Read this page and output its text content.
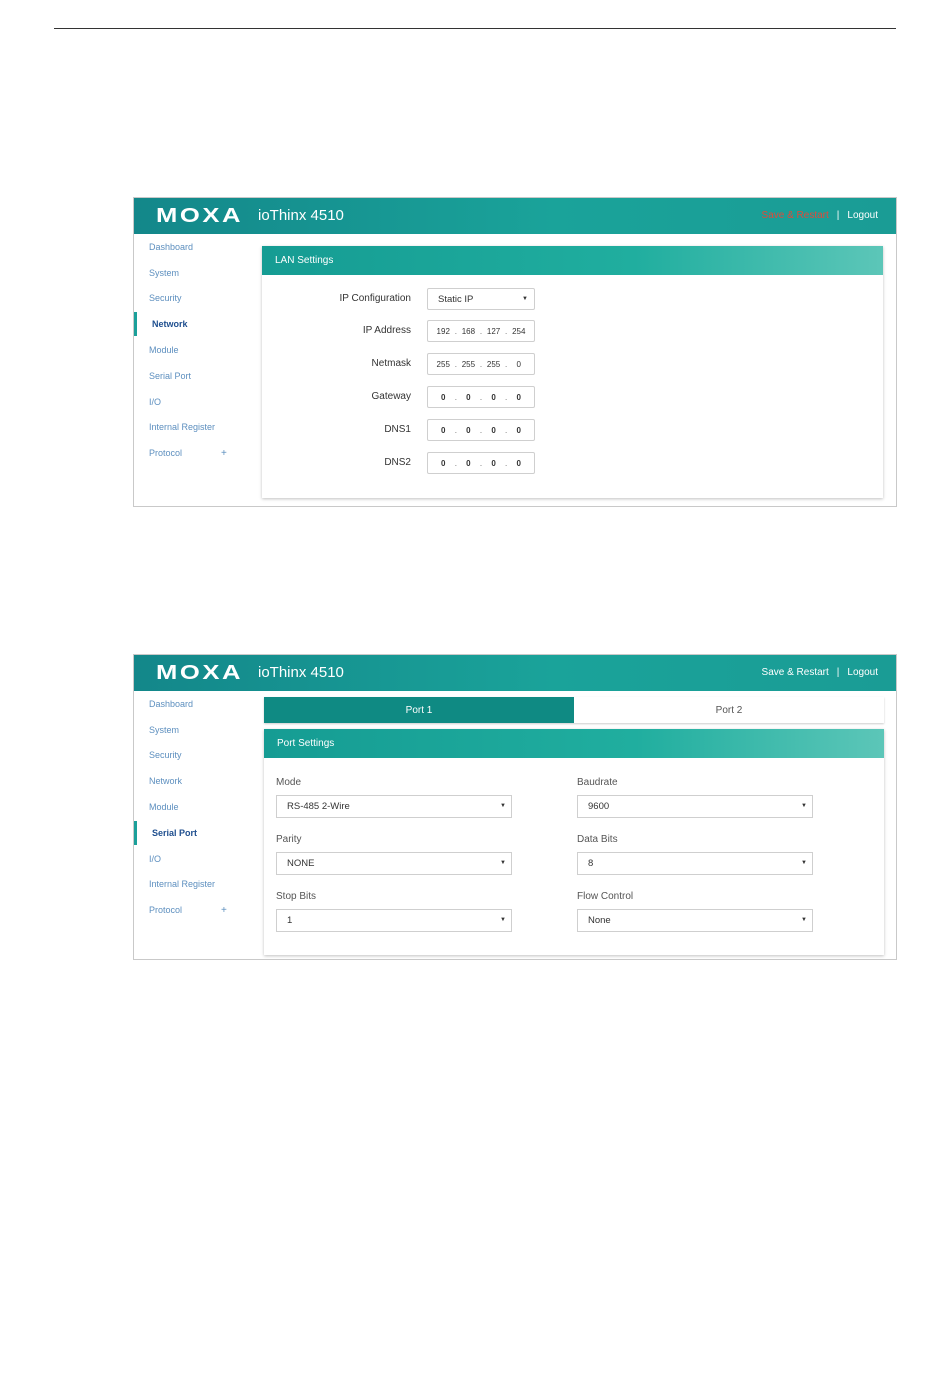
MOXA ioThinx 4510	Save & Restart | Logout
Dashboard
System
Security
Network
Module
Serial Port
I/O
Internal Register
Protocol	+
LAN Settings
IP Configuration	Static IP	▼
IP Address	192 . 168 . 127 . 254
Netmask	255 . 255 . 255 .	0
Gateway	0	.	0	.	0	.	0
DNS1	0	.	0	.	0	.	0
DNS2	0	.	0	.	0	.	0
MOXA ioThinx 4510	Save & Restart | Logout
Dashboard
System
Security
Network
Module
Serial Port
I/O
Internal Register
Protocol	+
Port 1	Port 2
Port Settings
Mode
RS-485 2-Wire	▼
Baudrate
9600	▼
Parity
NONE	▼
Data Bits
8	▼
Stop Bits
1	▼
Flow Control
None	▼
